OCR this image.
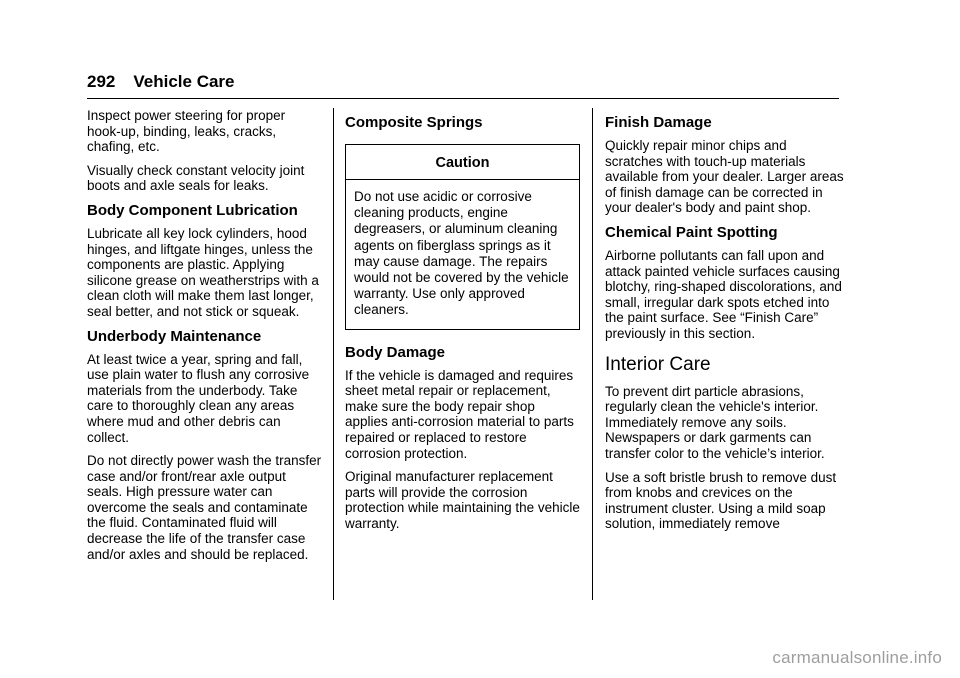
292 Vehicle Care

Inspect power steering for proper hook-up, binding, leaks, cracks, chafing, etc.

Visually check constant velocity joint boots and axle seals for leaks.

Body Component Lubrication

Lubricate all key lock cylinders, hood hinges, and liftgate hinges, unless the components are plastic. Applying silicone grease on weatherstrips with a clean cloth will make them last longer, seal better, and not stick or squeak.

Underbody Maintenance

At least twice a year, spring and fall, use plain water to flush any corrosive materials from the underbody. Take care to thoroughly clean any areas where mud and other debris can collect.

Do not directly power wash the transfer case and/or front/rear axle output seals. High pressure water can overcome the seals and contaminate the fluid. Contaminated fluid will decrease the life of the transfer case and/or axles and should be replaced.

Composite Springs
Caution
Do not use acidic or corrosive cleaning products, engine degreasers, or aluminum cleaning agents on fiberglass springs as it may cause damage. The repairs would not be covered by the vehicle warranty. Use only approved cleaners.
Body Damage

If the vehicle is damaged and requires sheet metal repair or replacement, make sure the body repair shop applies anti-corrosion material to parts repaired or replaced to restore corrosion protection.

Original manufacturer replacement parts will provide the corrosion protection while maintaining the vehicle warranty.

Finish Damage

Quickly repair minor chips and scratches with touch-up materials available from your dealer. Larger areas of finish damage can be corrected in your dealer's body and paint shop.

Chemical Paint Spotting

Airborne pollutants can fall upon and attack painted vehicle surfaces causing blotchy, ring-shaped discolorations, and small, irregular dark spots etched into the paint surface. See “Finish Care” previously in this section.

Interior Care

To prevent dirt particle abrasions, regularly clean the vehicle's interior. Immediately remove any soils. Newspapers or dark garments can transfer color to the vehicle’s interior.

Use a soft bristle brush to remove dust from knobs and crevices on the instrument cluster. Using a mild soap solution, immediately remove

carmanualsonline.info
